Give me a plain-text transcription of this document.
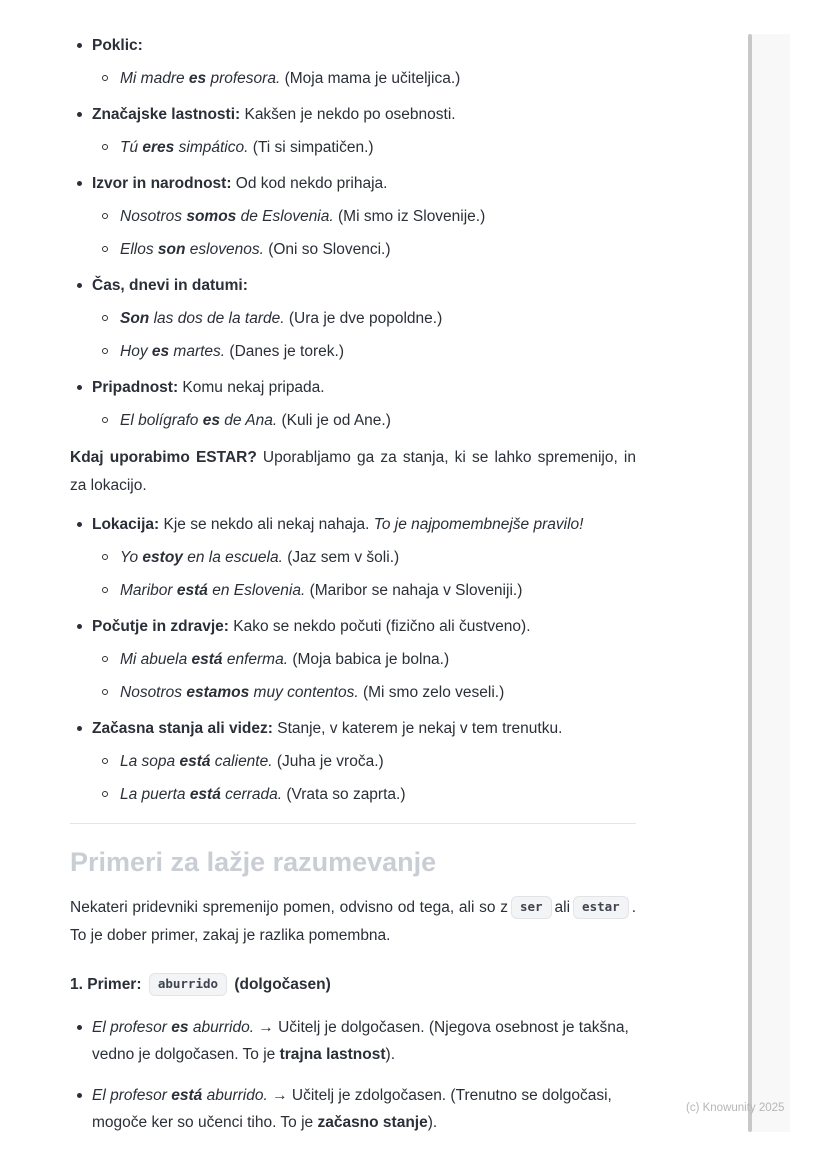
Poklic:
Mi madre es profesora. (Moja mama je učiteljica.)
Značajske lastnosti: Kakšen je nekdo po osebnosti.
Tú eres simpático. (Ti si simpatičen.)
Izvor in narodnost: Od kod nekdo prihaja.
Nosotros somos de Eslovenia. (Mi smo iz Slovenije.)
Ellos son eslovenos. (Oni so Slovenci.)
Čas, dnevi in datumi:
Son las dos de la tarde. (Ura je dve popoldne.)
Hoy es martes. (Danes je torek.)
Pripadnost: Komu nekaj pripada.
El bolígrafo es de Ana. (Kuli je od Ane.)

Kdaj uporabimo ESTAR? Uporabljamo ga za stanja, ki se lahko spremenijo, in za lokacijo.

Lokacija: Kje se nekdo ali nekaj nahaja. To je najpomembnejše pravilo!
Yo estoy en la escuela. (Jaz sem v šoli.)
Maribor está en Eslovenia. (Maribor se nahaja v Sloveniji.)
Počutje in zdravje: Kako se nekdo počuti (fizično ali čustveno).
Mi abuela está enferma. (Moja babica je bolna.)
Nosotros estamos muy contentos. (Mi smo zelo veseli.)
Začasna stanja ali videz: Stanje, v katerem je nekaj v tem trenutku.
La sopa está caliente. (Juha je vroča.)
La puerta está cerrada. (Vrata so zaprta.)
Primeri za lažje razumevanje

Nekateri pridevniki spremenijo pomen, odvisno od tega, ali so z ser ali estar . To je dober primer, zakaj je razlika pomembna.

1. Primer: aburrido (dolgočasen)

El profesor es aburrido. → Učitelj je dolgočasen. (Njegova osebnost je takšna, vedno je dolgočasen. To je trajna lastnost).
El profesor está aburrido. → Učitelj je zdolgočasen. (Trenutno se dolgočasi, mogoče ker so učenci tiho. To je začasno stanje).
(c) Knowunity 2025
